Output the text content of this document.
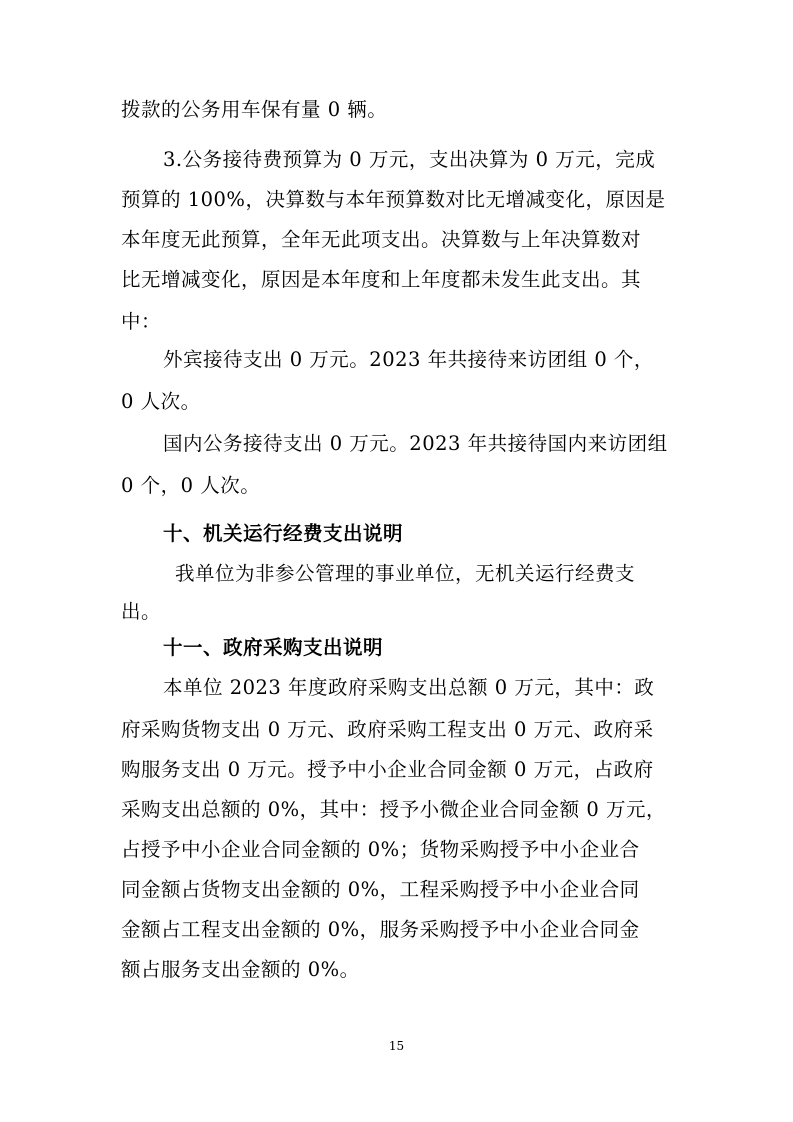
拨款的公务用车保有量 0 辆。
3.公务接待费预算为 0 万元，支出决算为 0 万元，完成
预算的 100%，决算数与本年预算数对比无增减变化，原因是
本年度无此预算，全年无此项支出。决算数与上年决算数对
比无增减变化，原因是本年度和上年度都未发生此支出。其
中：
外宾接待支出 0 万元。2023 年共接待来访团组 0 个，
0 人次。
国内公务接待支出 0 万元。2023 年共接待国内来访团组
0 个，0 人次。
十、机关运行经费支出说明
我单位为非参公管理的事业单位，无机关运行经费支
出。
十一、政府采购支出说明
本单位 2023 年度政府采购支出总额 0 万元，其中：政
府采购货物支出 0 万元、政府采购工程支出 0 万元、政府采
购服务支出 0 万元。授予中小企业合同金额 0 万元，占政府
采购支出总额的 0%，其中：授予小微企业合同金额 0 万元，
占授予中小企业合同金额的 0%；货物采购授予中小企业合
同金额占货物支出金额的 0%，工程采购授予中小企业合同
金额占工程支出金额的 0%，服务采购授予中小企业合同金
额占服务支出金额的 0%。
15
